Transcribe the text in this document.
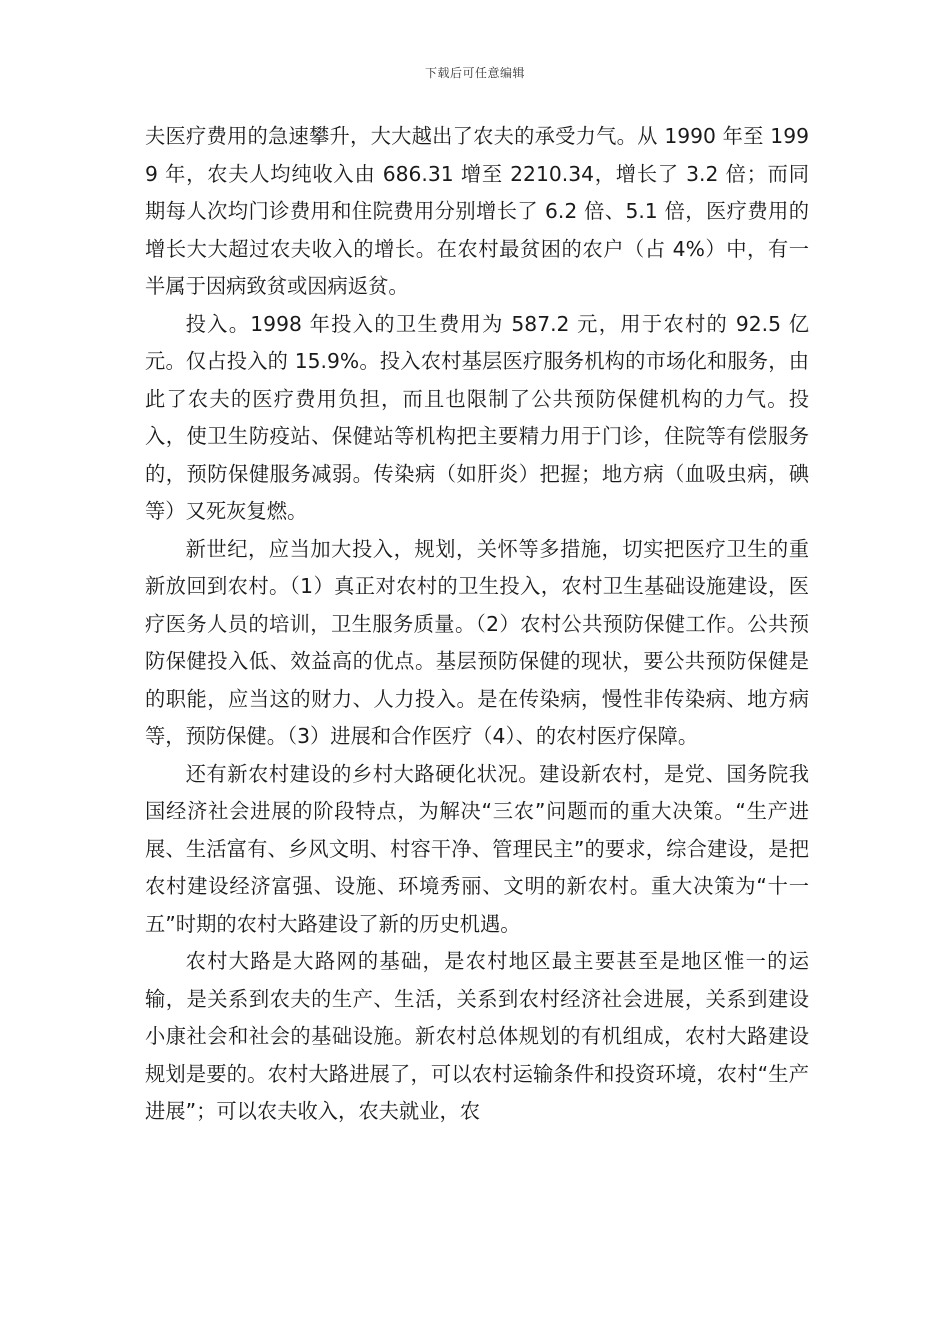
下载后可任意编辑

夫医疗费用的急速攀升，大大越出了农夫的承受力气。从 1990 年至 1999 年，农夫人均纯收入由 686.31 增至 2210.34，增长了 3.2 倍；而同期每人次均门诊费用和住院费用分别增长了 6.2 倍、5.1 倍，医疗费用的增长大大超过农夫收入的增长。在农村最贫困的农户（占 4%）中，有一半属于因病致贫或因病返贫。

投入。1998 年投入的卫生费用为 587.2 元，用于农村的 92.5 亿元。仅占投入的 15.9%。投入农村基层医疗服务机构的市场化和服务，由此了农夫的医疗费用负担，而且也限制了公共预防保健机构的力气。投入，使卫生防疫站、保健站等机构把主要精力用于门诊，住院等有偿服务的，预防保健服务减弱。传染病（如肝炎）把握；地方病（血吸虫病，碘等）又死灰复燃。

新世纪，应当加大投入，规划，关怀等多措施，切实把医疗卫生的重新放回到农村。（1）真正对农村的卫生投入，农村卫生基础设施建设，医疗医务人员的培训，卫生服务质量。（2）农村公共预防保健工作。公共预防保健投入低、效益高的优点。基层预防保健的现状，要公共预防保健是的职能，应当这的财力、人力投入。是在传染病，慢性非传染病、地方病等，预防保健。（3）进展和合作医疗（4）、的农村医疗保障。

还有新农村建设的乡村大路硬化状况。建设新农村，是党、国务院我国经济社会进展的阶段特点，为解决“三农”问题而的重大决策。“生产进展、生活富有、乡风文明、村容干净、管理民主”的要求，综合建设，是把农村建设经济富强、设施、环境秀丽、文明的新农村。重大决策为“十一五”时期的农村大路建设了新的历史机遇。

农村大路是大路网的基础，是农村地区最主要甚至是地区惟一的运输，是关系到农夫的生产、生活，关系到农村经济社会进展，关系到建设小康社会和社会的基础设施。新农村总体规划的有机组成，农村大路建设规划是要的。农村大路进展了，可以农村运输条件和投资环境，农村“生产进展”；可以农夫收入，农夫就业，农
